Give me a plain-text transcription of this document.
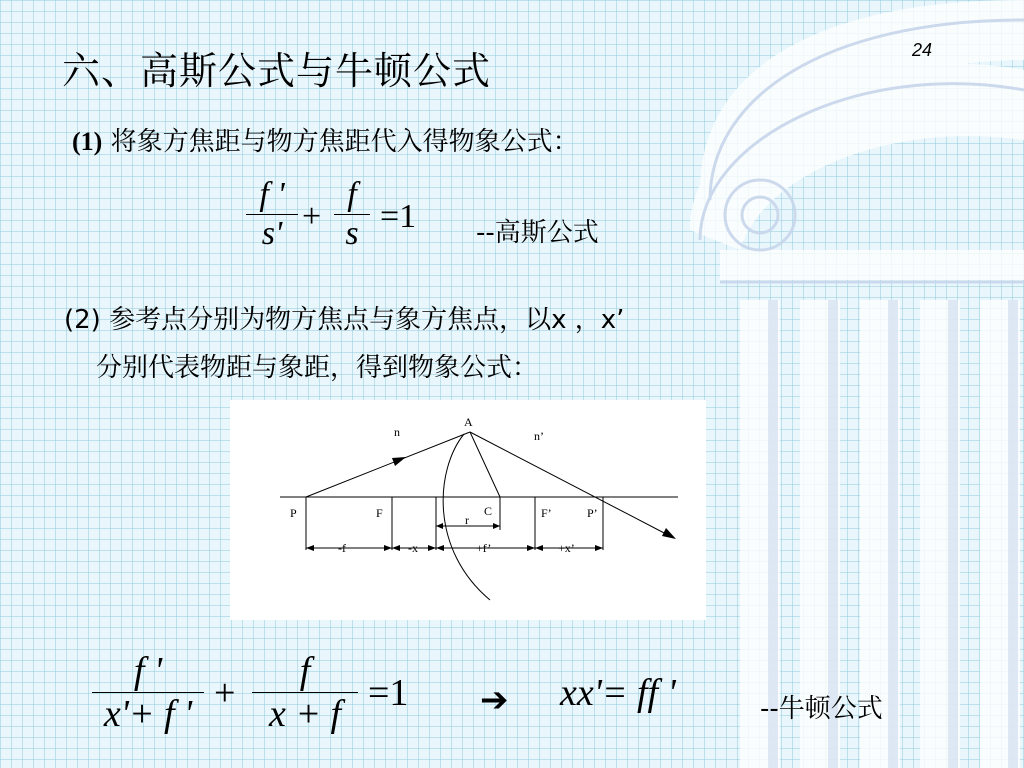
六、高斯公式与牛顿公式	24
(1) 将象方焦距与物方焦距代入得物象公式：
f '
s' +
f
s =1 --高斯公式
(2) 参考点分别为物方焦点与象方焦点，以x ，x’
分别代表物距与象距，得到物象公式：
n
A
n’
P	F	C	F’	P’
r
-f	-x	+f’	+x’
f '
x'+ f ' +
f
x + f =1 ➔ xx'= ff '	--牛顿公式
